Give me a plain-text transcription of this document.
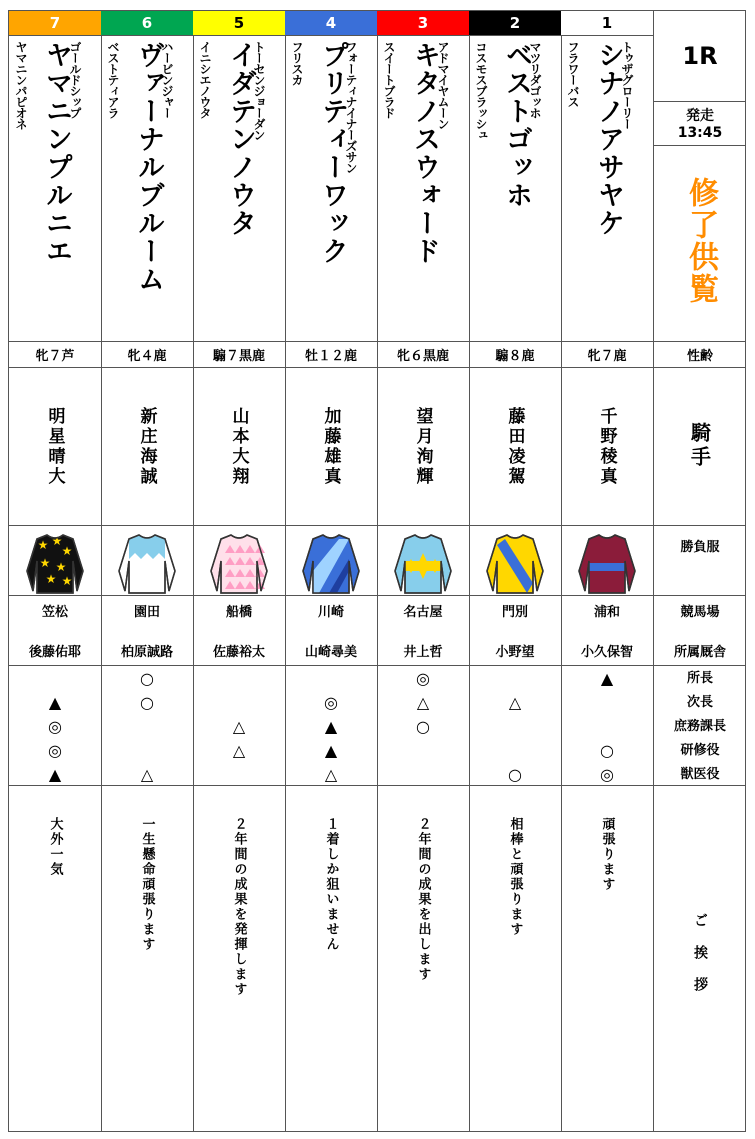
1R
発走
13:45
修了供覧
性齢
騎手
勝負服
競馬場
所属厩舎
所長
次長
庶務課長
研修役
獣医役
ご挨拶
1
トゥザグローリー
シナノアサヤケ
フラワーバス
牝７鹿
千野稜真
浦和
小久保智
▲
○
◎
頑張ります
2
マツリダゴッホ
ベストゴッホ
コスモスブラッシュ
騸８鹿
藤田凌駕
門別
小野望
△
○
相棒と頑張ります
3
アドマイヤムーン
キタノスウォード
スイートブラド
牝６黒鹿
望月洵輝
名古屋
井上哲
◎
△
○
２年間の成果を出します
4
フォーティナイナーズサン
プリティーワック
フリスカ
牡１２鹿
加藤雄真
川崎
山崎尋美
◎
▲
▲
△
１着しか狙いません
5
トーセンジョーダン
イダテンノウタ
イニシエノウタ
騸７黒鹿
山本大翔
船橋
佐藤裕太
△
△
２年間の成果を発揮します
6
ハービンジャー
ヴァーナルブルーム
ベストティアラ
牝４鹿
新庄海誠
園田
柏原誠路
○
○
△
一生懸命頑張ります
7
ゴールドシップ
ヤマニンプルニエ
ヤマニンパピオネ
牝７芦
明星晴大
★ ★
★
★ ★
★ ★
笠松
後藤佑耶
▲
◎
◎
▲
大外一気
